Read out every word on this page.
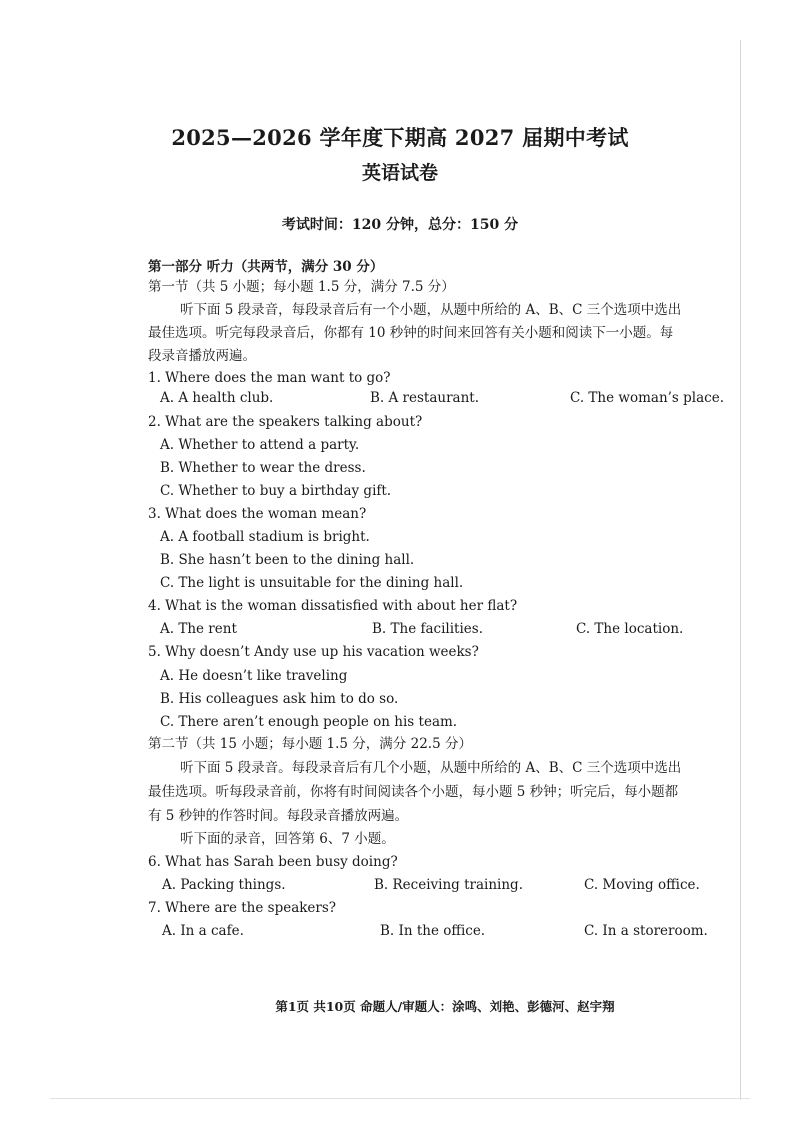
2025—2026 学年度下期高 2027 届期中考试
英语试卷
考试时间：120 分钟，总分：150 分
第一部分 听力（共两节，满分 30 分）
第一节（共 5 小题；每小题 1.5 分，满分 7.5 分）
听下面 5 段录音，每段录音后有一个小题，从题中所给的 A、B、C 三个选项中选出
最佳选项。听完每段录音后，你都有 10 秒钟的时间来回答有关小题和阅读下一小题。每
段录音播放两遍。
1. Where does the man want to go?
A. A health club.	B. A restaurant.	C. The woman’s place.
2. What are the speakers talking about?
A. Whether to attend a party.
B. Whether to wear the dress.
C. Whether to buy a birthday gift.
3. What does the woman mean?
A. A football stadium is bright.
B. She hasn’t been to the dining hall.
C. The light is unsuitable for the dining hall.
4. What is the woman dissatisfied with about her flat?
A. The rent	B. The facilities.	C. The location.
5. Why doesn’t Andy use up his vacation weeks?
A. He doesn’t like traveling
B. His colleagues ask him to do so.
C. There aren’t enough people on his team.
第二节（共 15 小题；每小题 1.5 分，满分 22.5 分）
听下面 5 段录音。每段录音后有几个小题，从题中所给的 A、B、C 三个选项中选出
最佳选项。听每段录音前，你将有时间阅读各个小题，每小题 5 秒钟；听完后，每小题都
有 5 秒钟的作答时间。每段录音播放两遍。
听下面的录音，回答第 6、7 小题。
6. What has Sarah been busy doing?
A. Packing things.	B. Receiving training.	C. Moving office.
7. Where are the speakers?
A. In a cafe.	B. In the office.	C. In a storeroom.
第1页 共10页 命题人/审题人：涂鸣、刘艳、彭德河、赵宇翔
